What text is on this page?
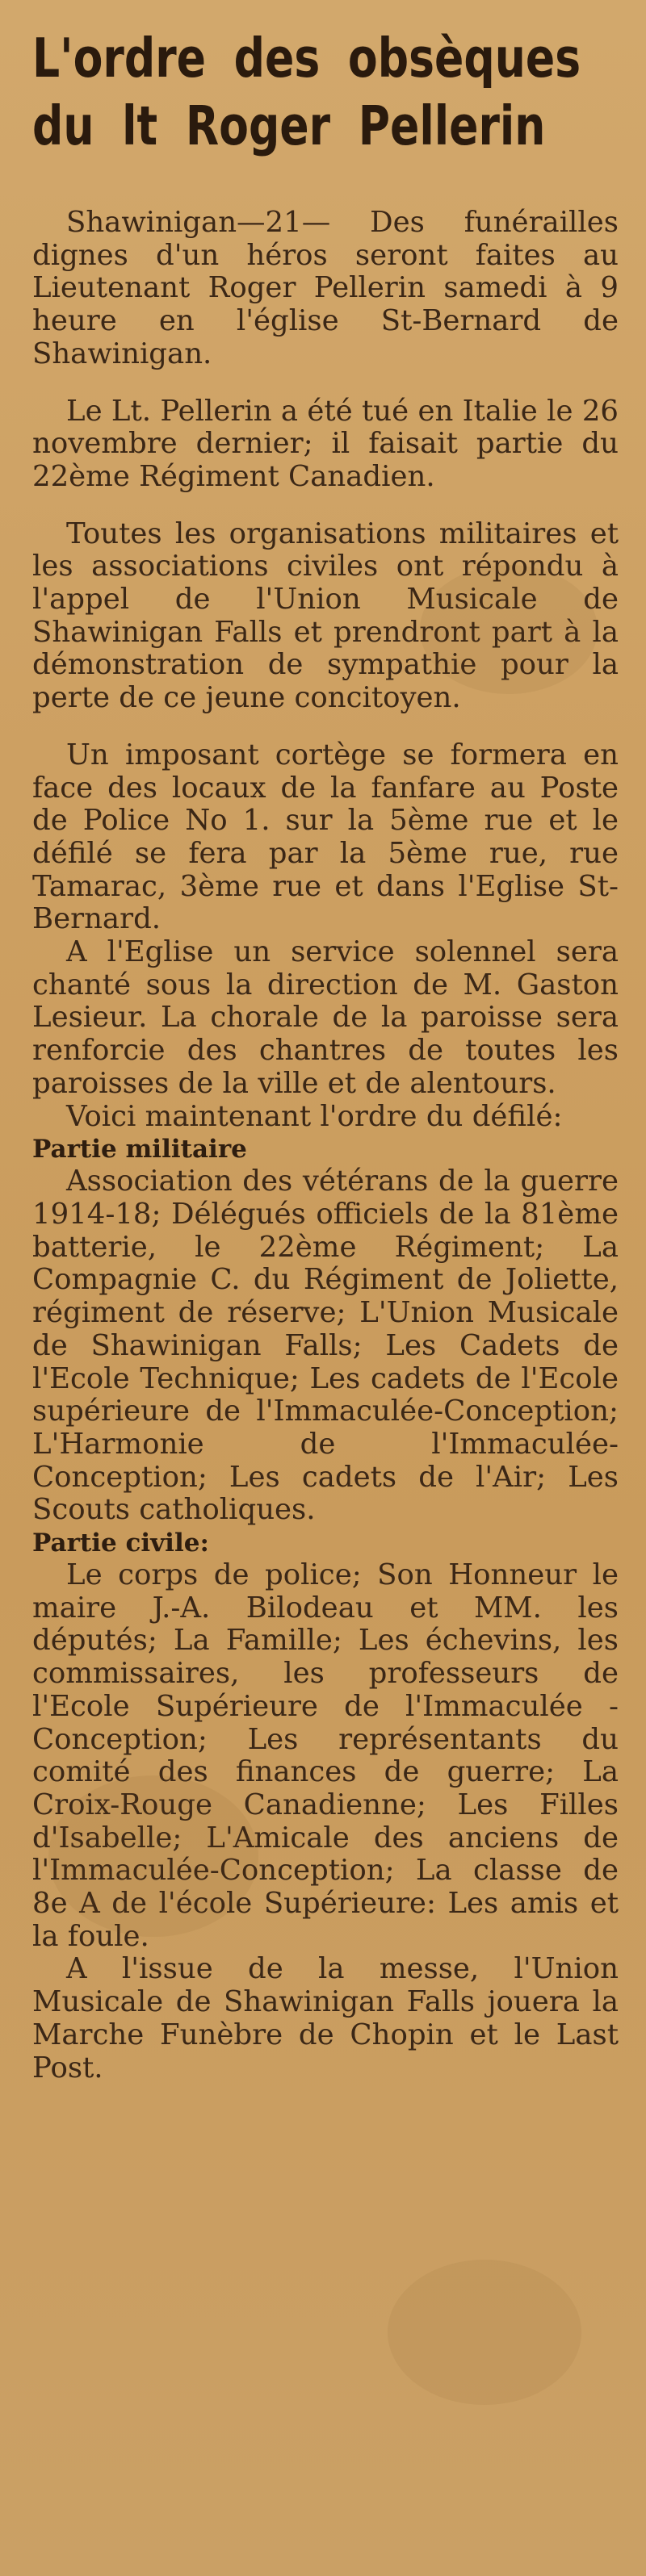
L'ordre des obsèques
du lt Roger Pellerin

Shawinigan—21— Des funérailles dignes d'un héros seront faites au Lieutenant Roger Pellerin samedi à 9 heure en l'église St-Bernard de Shawinigan.

Le Lt. Pellerin a été tué en Italie le 26 novembre dernier; il faisait partie du 22ème Régiment Canadien.

Toutes les organisations militaires et les associations civiles ont répondu à l'appel de l'Union Musicale de Shawinigan Falls et prendront part à la démonstration de sympathie pour la perte de ce jeune concitoyen.

Un imposant cortège se formera en face des locaux de la fanfare au Poste de Police No 1. sur la 5ème rue et le défilé se fera par la 5ème rue, rue Tamarac, 3ème rue et dans l'Eglise St-Bernard.

A l'Eglise un service solennel sera chanté sous la direction de M. Gaston Lesieur. La chorale de la paroisse sera renforcie des chantres de toutes les paroisses de la ville et de alentours.

Voici maintenant l'ordre du défilé:

Partie militaire

Association des vétérans de la guerre 1914-18; Délégués officiels de la 81ème batterie, le 22ème Régiment; La Compagnie C. du Régiment de Joliette, régiment de réserve; L'Union Musicale de Shawinigan Falls; Les Cadets de l'Ecole Technique; Les cadets de l'Ecole supérieure de l'Immaculée-Conception; L'Harmonie de l'Immaculée-Conception; Les cadets de l'Air; Les Scouts catholiques.

Partie civile:

Le corps de police; Son Honneur le maire J.-A. Bilodeau et MM. les députés; La Famille; Les échevins, les commissaires, les professeurs de l'Ecole Supérieure de l'Immaculée - Conception; Les représentants du comité des finances de guerre; La Croix-Rouge Canadienne; Les Filles d'Isabelle; L'Amicale des anciens de l'Immaculée-Conception; La classe de 8e A de l'école Supérieure: Les amis et la foule.

A l'issue de la messe, l'Union Musicale de Shawinigan Falls jouera la Marche Funèbre de Chopin et le Last Post.
